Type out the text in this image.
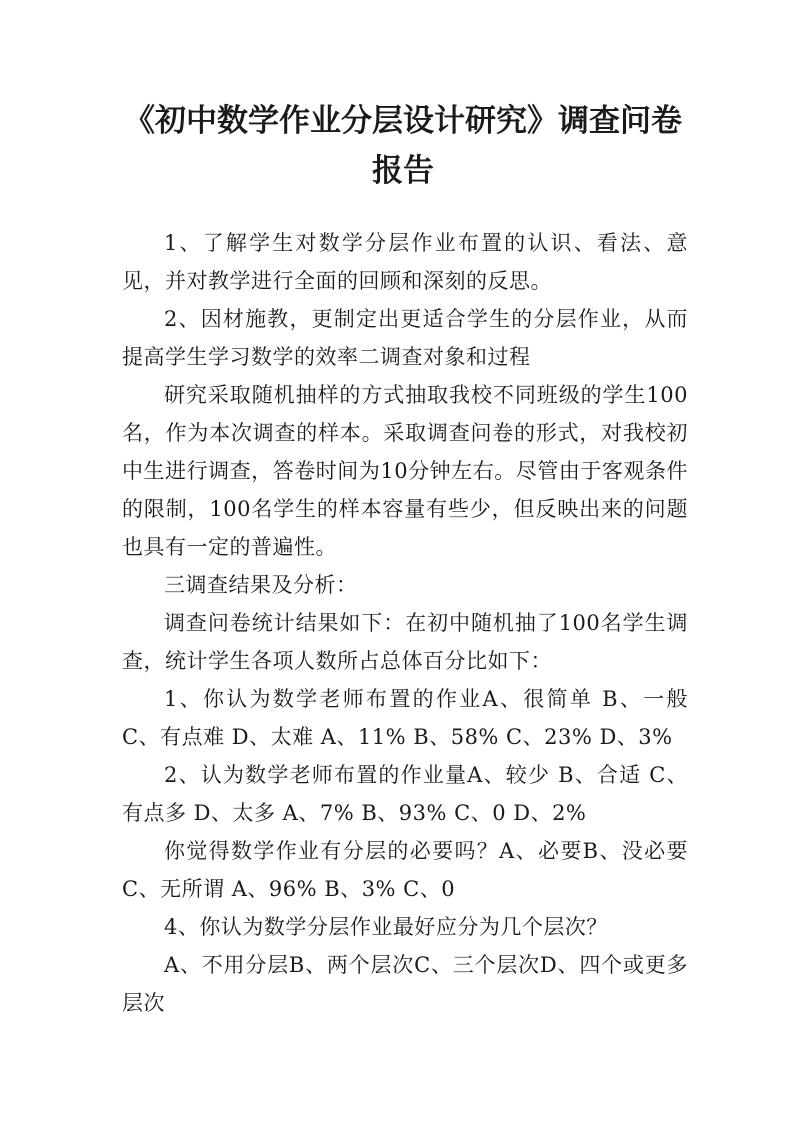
《初中数学作业分层设计研究》调查问卷报告

1、了解学生对数学分层作业布置的认识、看法、意见，并对教学进行全面的回顾和深刻的反思。

2、因材施教，更制定出更适合学生的分层作业，从而提高学生学习数学的效率二调查对象和过程

研究采取随机抽样的方式抽取我校不同班级的学生100名，作为本次调查的样本。采取调查问卷的形式，对我校初中生进行调查，答卷时间为10分钟左右。尽管由于客观条件的限制，100名学生的样本容量有些少，但反映出来的问题也具有一定的普遍性。

三调查结果及分析：

调查问卷统计结果如下：在初中随机抽了100名学生调查，统计学生各项人数所占总体百分比如下：

1、你认为数学老师布置的作业A、很简单 B、一般 C、有点难 D、太难 A、11% B、58% C、23% D、3%

2、认为数学老师布置的作业量A、较少 B、合适 C、有点多 D、太多 A、7% B、93% C、0 D、2%

你觉得数学作业有分层的必要吗？A、必要B、没必要C、无所谓 A、96% B、3% C、0

4、你认为数学分层作业最好应分为几个层次？

A、不用分层B、两个层次C、三个层次D、四个或更多层次
